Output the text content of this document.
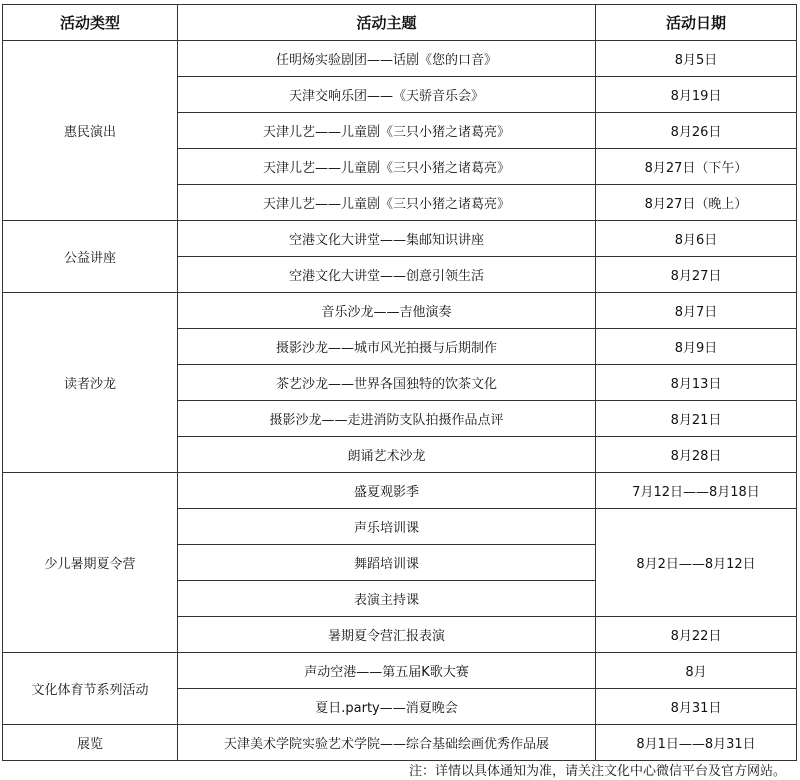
活动类型	活动主题	活动日期
惠民演出	任明炀实验剧团——话剧《您的口音》	8月5日
	天津交响乐团——《天骄音乐会》	8月19日
	天津儿艺——儿童剧《三只小猪之诸葛亮》	8月26日
	天津儿艺——儿童剧《三只小猪之诸葛亮》	8月27日（下午）
	天津儿艺——儿童剧《三只小猪之诸葛亮》	8月27日（晚上）
公益讲座	空港文化大讲堂——集邮知识讲座	8月6日
	空港文化大讲堂——创意引领生活	8月27日
读者沙龙	音乐沙龙——吉他演奏	8月7日
	摄影沙龙——城市风光拍摄与后期制作	8月9日
	茶艺沙龙——世界各国独特的饮茶文化	8月13日
	摄影沙龙——走进消防支队拍摄作品点评	8月21日
	朗诵艺术沙龙	8月28日
少儿暑期夏令营	盛夏观影季	7月12日——8月18日
	声乐培训课	8月2日——8月12日
	舞蹈培训课	
	表演主持课	
	暑期夏令营汇报表演	8月22日
文化体育节系列活动	声动空港——第五届K歌大赛	8月
	夏日.party——消夏晚会	8月31日
展览	天津美术学院实验艺术学院——综合基础绘画优秀作品展	8月1日——8月31日
注：详情以具体通知为准，请关注文化中心微信平台及官方网站。
